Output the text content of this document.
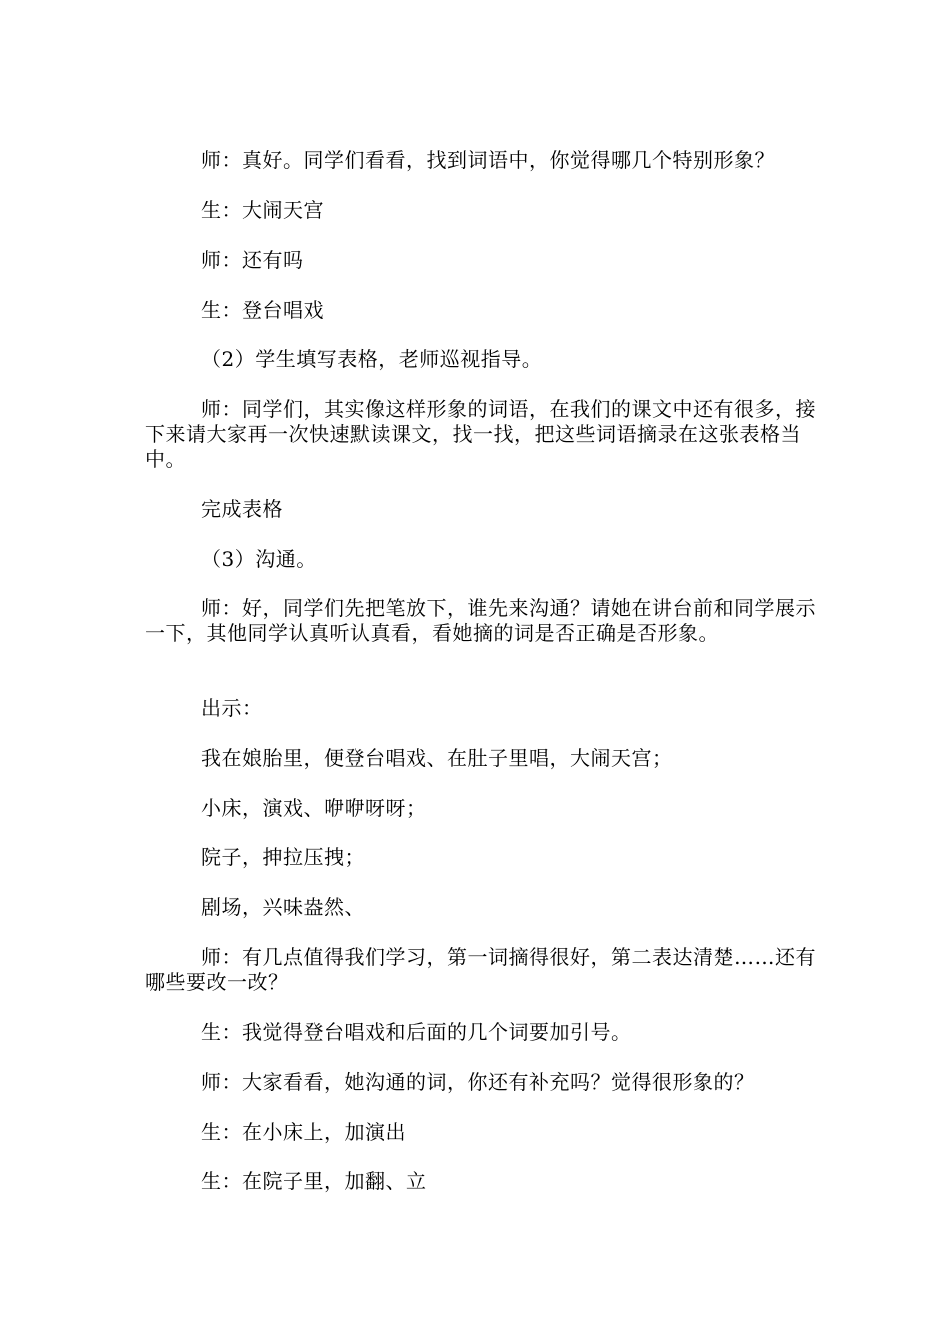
师：真好。同学们看看，找到词语中，你觉得哪几个特别形象？

生：大闹天宫

师：还有吗

生：登台唱戏

（2）学生填写表格，老师巡视指导。

师：同学们，其实像这样形象的词语，在我们的课文中还有很多，接下来请大家再一次快速默读课文，找一找，把这些词语摘录在这张表格当中。

完成表格

（3）沟通。

师：好，同学们先把笔放下，谁先来沟通？请她在讲台前和同学展示一下，其他同学认真听认真看，看她摘的词是否正确是否形象。

出示：

我在娘胎里，便登台唱戏、在肚子里唱，大闹天宫；

小床，演戏、咿咿呀呀；

院子，抻拉压拽；

剧场，兴味盎然、

师：有几点值得我们学习，第一词摘得很好，第二表达清楚……还有哪些要改一改？

生：我觉得登台唱戏和后面的几个词要加引号。

师：大家看看，她沟通的词，你还有补充吗？觉得很形象的？

生：在小床上，加演出

生：在院子里，加翻、立
